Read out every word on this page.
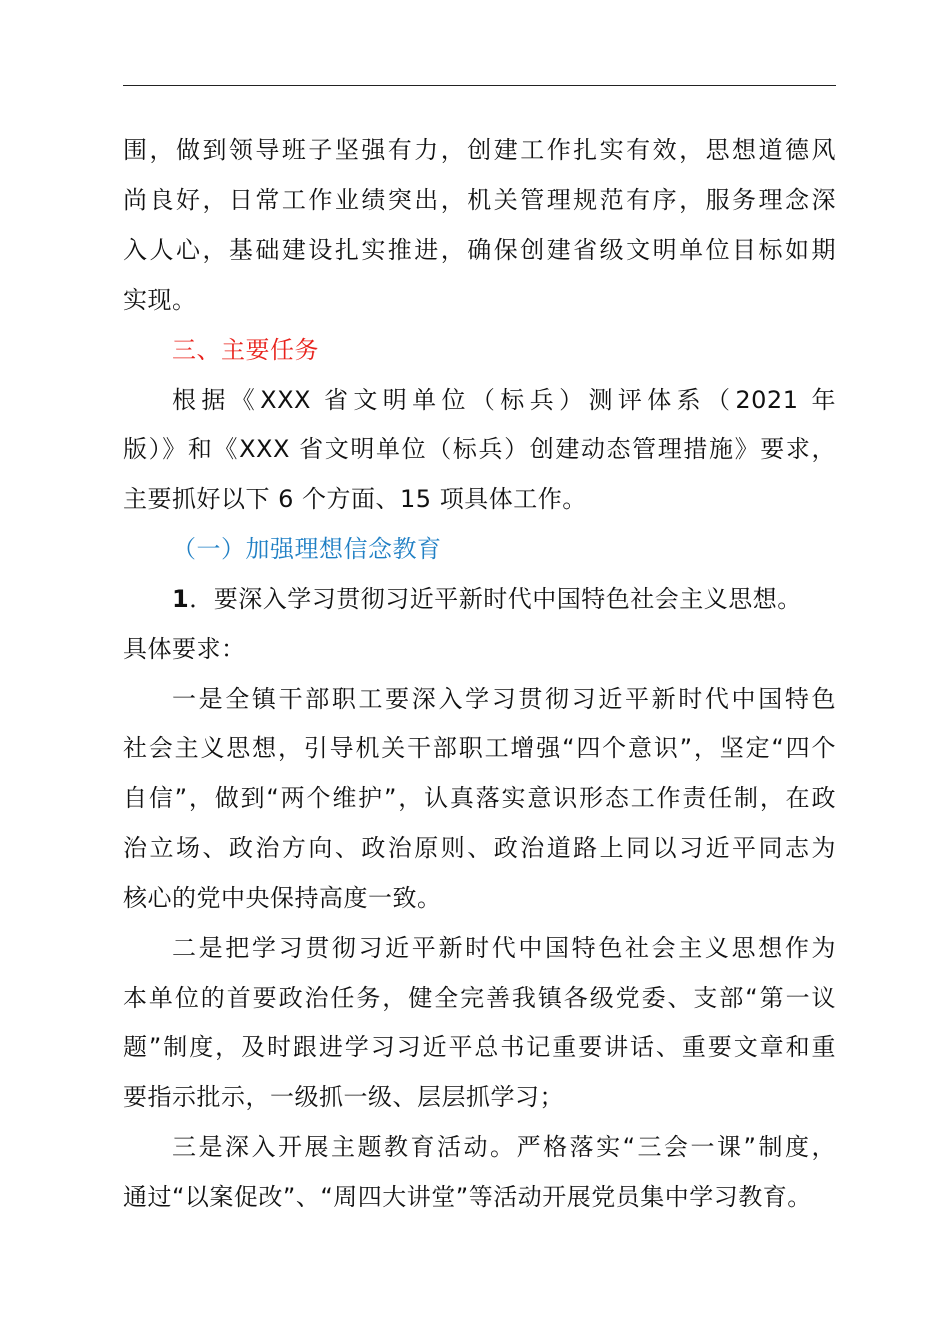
围，做到领导班子坚强有力，创建工作扎实有效，思想道德风
尚良好，日常工作业绩突出，机关管理规范有序，服务理念深
入人心，基础建设扎实推进，确保创建省级文明单位目标如期
实现。
三、主要任务
根据《XXX 省文明单位（标兵）测评体系（2021 年
版）》和《XXX 省文明单位（标兵）创建动态管理措施》要求，
主要抓好以下 6 个方面、15 项具体工作。
（一）加强理想信念教育
1．要深入学习贯彻习近平新时代中国特色社会主义思想。
具体要求：
一是全镇干部职工要深入学习贯彻习近平新时代中国特色
社会主义思想，引导机关干部职工增强“四个意识”，坚定“四个
自信”，做到“两个维护”，认真落实意识形态工作责任制，在政
治立场、政治方向、政治原则、政治道路上同以习近平同志为
核心的党中央保持高度一致。
二是把学习贯彻习近平新时代中国特色社会主义思想作为
本单位的首要政治任务，健全完善我镇各级党委、支部“第一议
题”制度，及时跟进学习习近平总书记重要讲话、重要文章和重
要指示批示，一级抓一级、层层抓学习；
三是深入开展主题教育活动。严格落实“三会一课”制度，
通过“以案促改”、“周四大讲堂”等活动开展党员集中学习教育。
